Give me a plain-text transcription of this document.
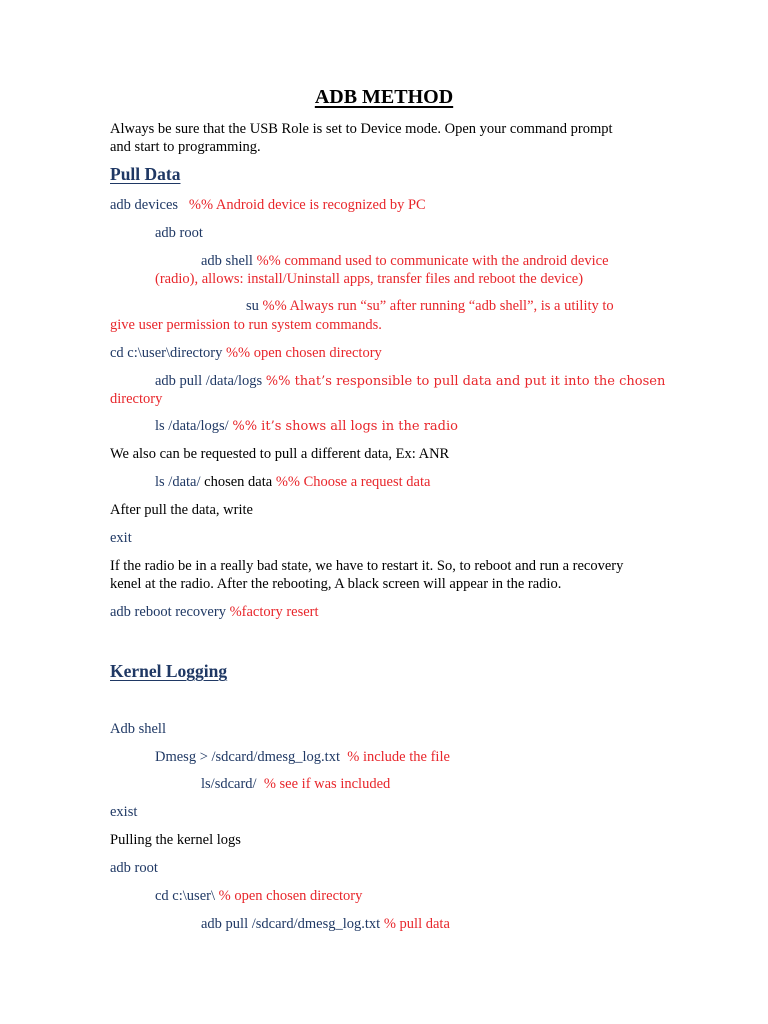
ADB METHOD
Always be sure that the USB Role is set to Device mode. Open your command prompt
and start to programming.
Pull Data
adb devices %% Android device is recognized by PC
adb root
adb shell %% command used to communicate with the android device
(radio), allows: install/Uninstall apps, transfer files and reboot the device)
su %% Always run “su” after running “adb shell”, is a utility to
give user permission to run system commands.
cd c:\user\directory %% open chosen directory
adb pull /data/logs %% that’s responsible to pull data and put it into the chosen
directory
ls /data/logs/ %% it’s shows all logs in the radio
We also can be requested to pull a different data, Ex: ANR
ls /data/ chosen data %% Choose a request data
After pull the data, write
exit
If the radio be in a really bad state, we have to restart it. So, to reboot and run a recovery
kenel at the radio. After the rebooting, A black screen will appear in the radio.
adb reboot recovery %factory resert
Kernel Logging
Adb shell
Dmesg > /sdcard/dmesg_log.txt % include the file
ls/sdcard/ % see if was included
exist
Pulling the kernel logs
adb root
cd c:\user\ % open chosen directory
adb pull /sdcard/dmesg_log.txt % pull data
